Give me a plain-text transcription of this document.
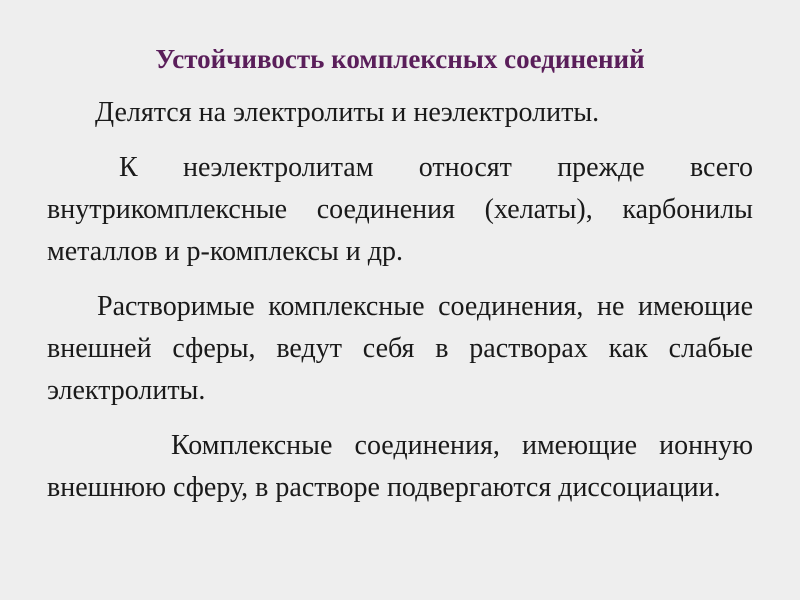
Устойчивость комплексных соединений

Делятся на электролиты и неэлектролиты.

К неэлектролитам относят прежде всего внутрикомплексные соединения (хелаты), карбонилы металлов и р-комплексы и др.

Растворимые комплексные соединения, не имеющие внешней сферы, ведут себя в растворах как слабые электролиты.

Комплексные соединения, имеющие ионную внешнюю сферу, в растворе подвергаются диссоциации.
